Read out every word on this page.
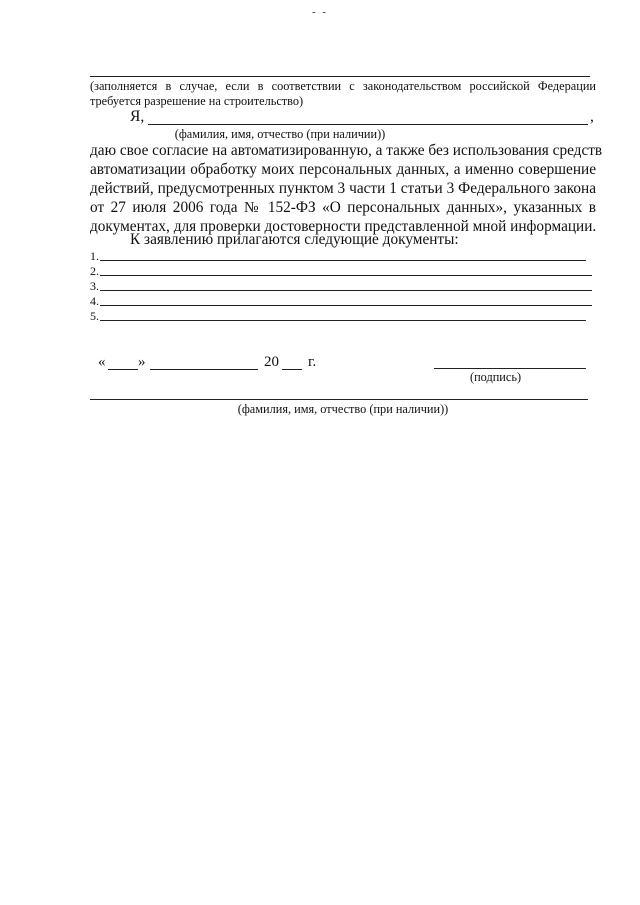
- -
(заполняется в случае, если в соответствии с законодательством российской Федерации
требуется разрешение на строительство)
Я,	,
(фамилия, имя, отчество (при наличии))
даю свое согласие на автоматизированную, а также без использования средств
автоматизации обработку моих персональных данных, а именно совершение
действий, предусмотренных пунктом 3 части 1 статьи 3 Федерального закона
от 27 июля 2006 года № 152-ФЗ «О персональных данных», указанных в
документах, для проверки достоверности представленной мной информации.
К заявлению прилагаются следующие документы:
1.
2.
3.
4.
5.
« »	20 г.
(подпись)
(фамилия, имя, отчество (при наличии))
